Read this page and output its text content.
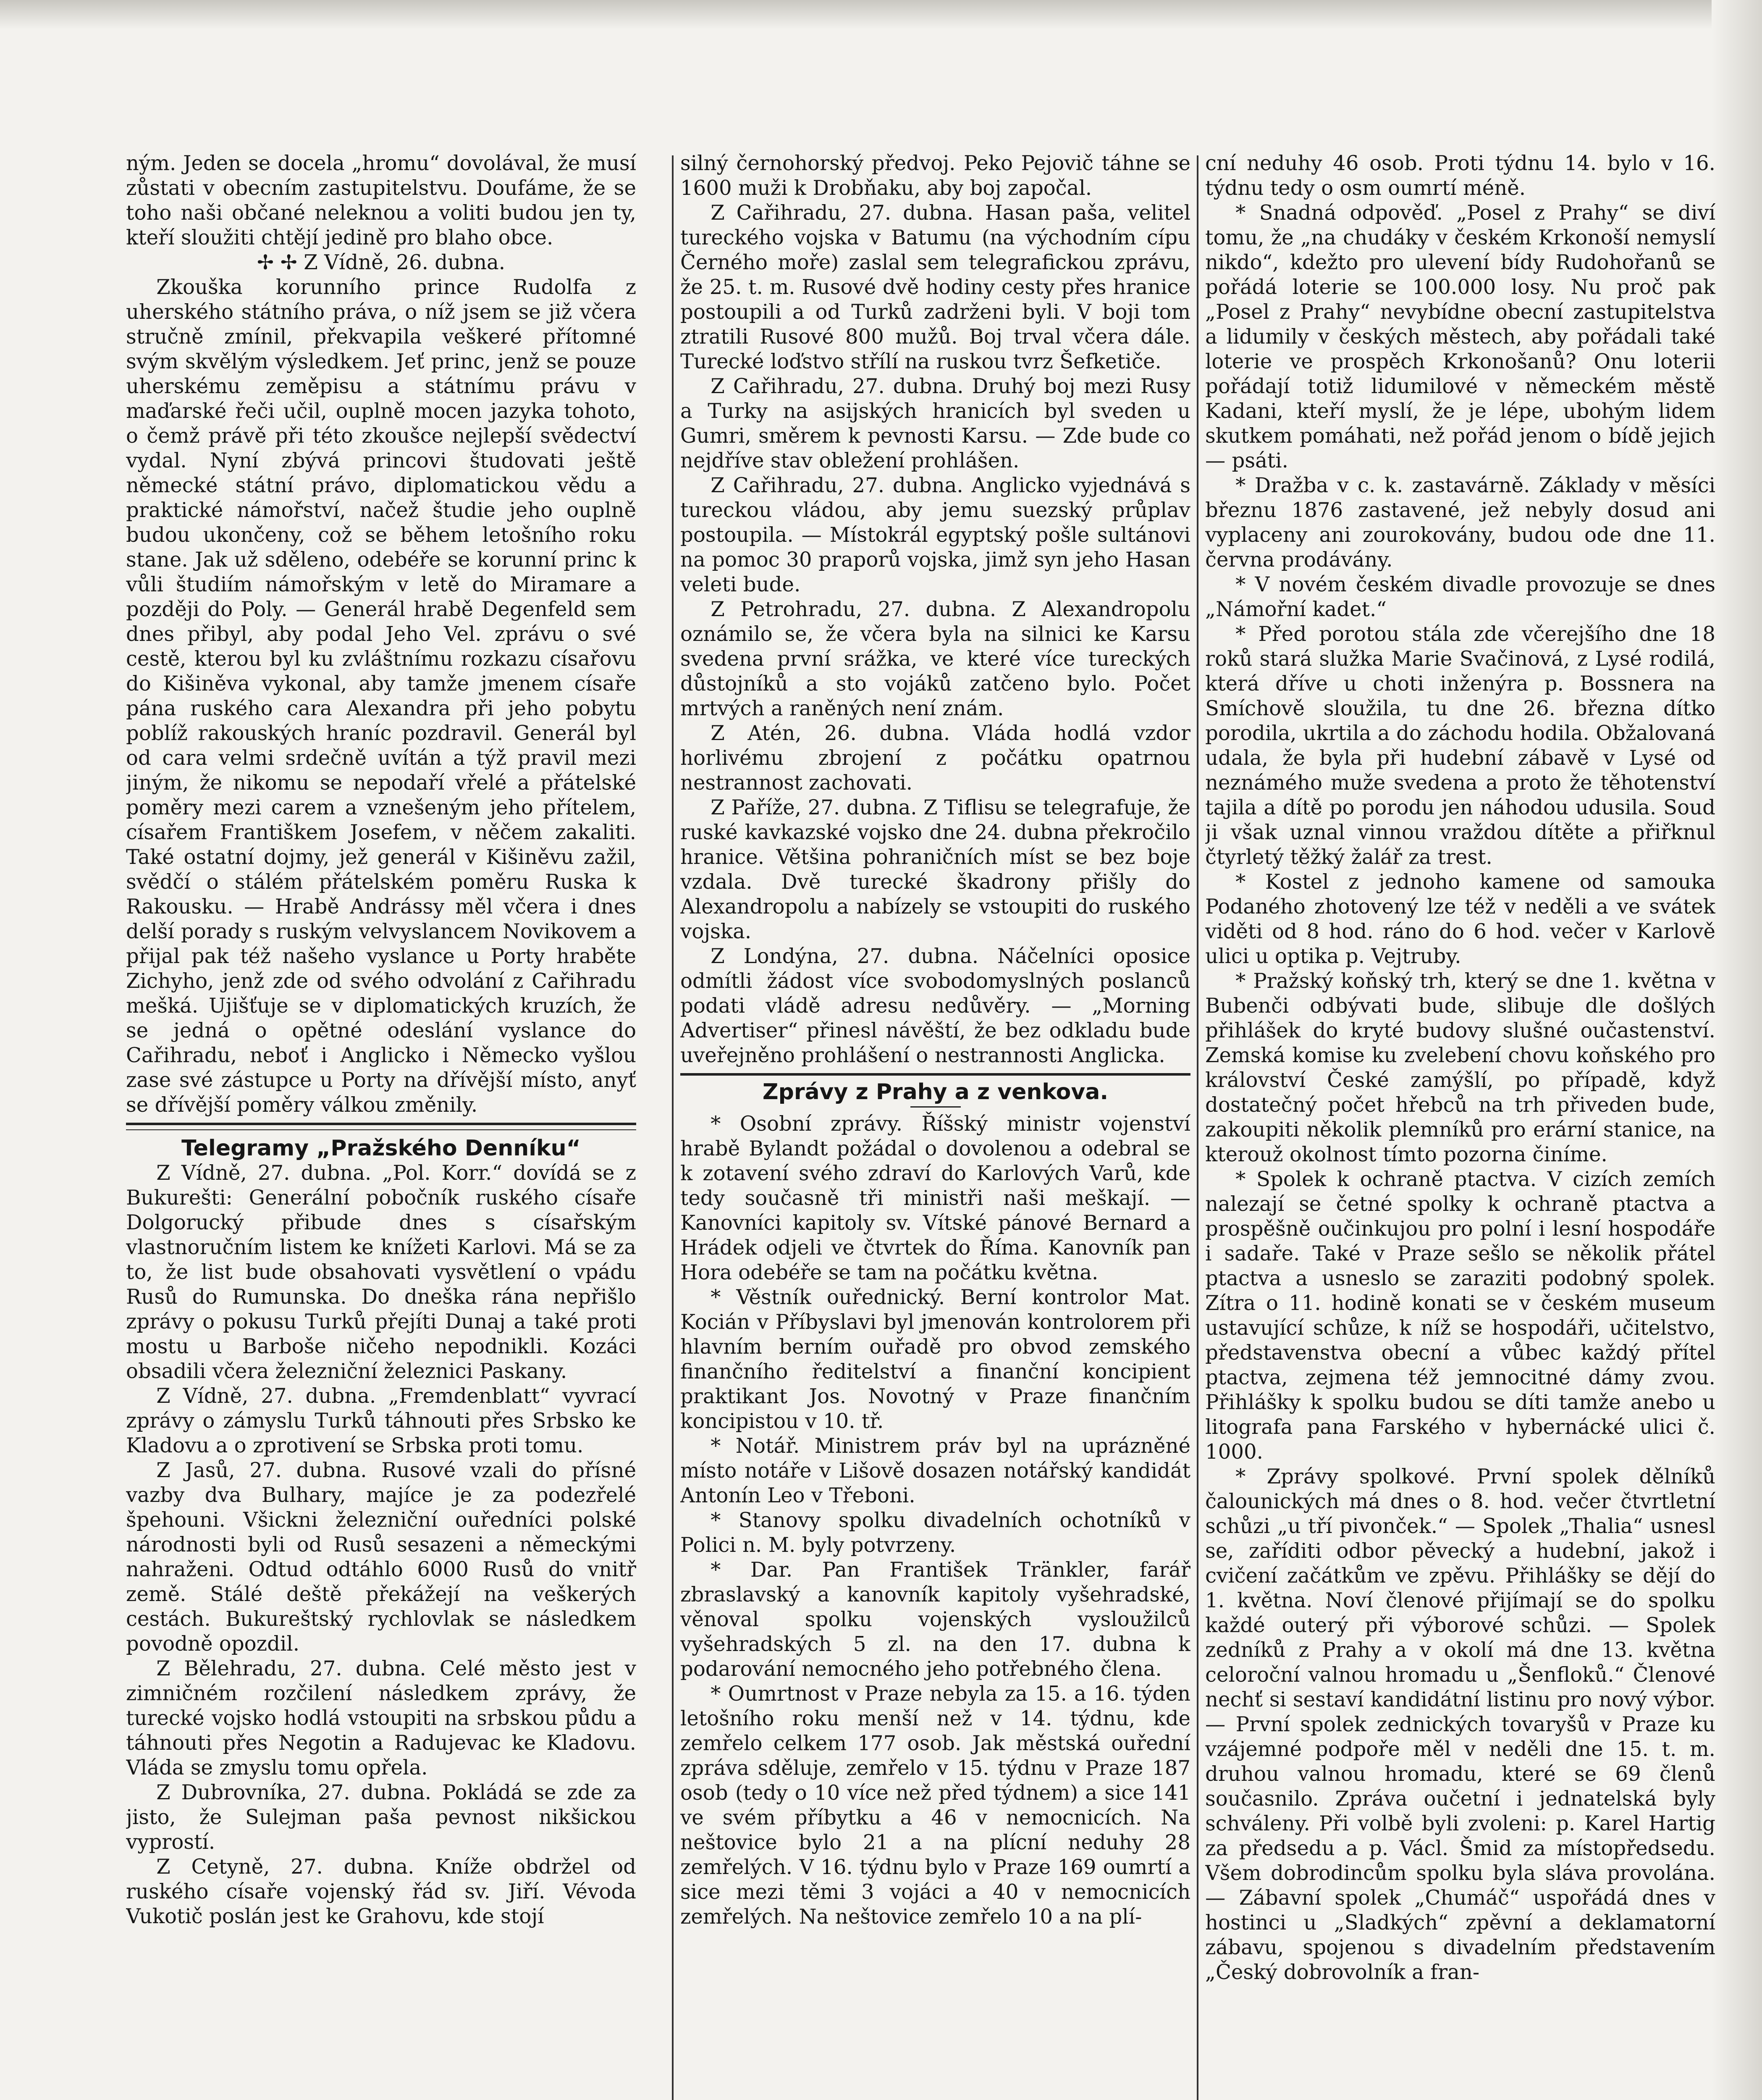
ným. Jeden se docela „hromu“ dovolával, že musí zůstati v obecním zastupitelstvu. Doufáme, že se toho naši občané neleknou a voliti budou jen ty, kteří sloužiti chtějí jedině pro blaho obce.

✢ ✢ Z Vídně, 26. dubna.

Zkouška korunního prince Rudolfa z uherského státního práva, o níž jsem se již včera stručně zmínil, překvapila veškeré přítomné svým skvělým výsledkem. Jeť princ, jenž se pouze uherskému zeměpisu a státnímu právu v maďarské řeči učil, ouplně mocen jazyka tohoto, o čemž právě při této zkoušce nejlepší svědectví vydal. Nyní zbývá princovi študovati ještě německé státní právo, diplomatickou vědu a praktické námořství, načež študie jeho ouplně budou ukončeny, což se během letošního roku stane. Jak už sděleno, odebéře se korunní princ k vůli študiím námořským v letě do Miramare a později do Poly. — Generál hrabě Degenfeld sem dnes přibyl, aby podal Jeho Vel. zprávu o své cestě, kterou byl ku zvláštnímu rozkazu císařovu do Kišiněva vykonal, aby tamže jmenem císaře pána ruského cara Alexandra při jeho pobytu poblíž rakouských hraníc pozdravil. Generál byl od cara velmi srdečně uvítán a týž pravil mezi jiným, že nikomu se nepodaří vřelé a přátelské poměry mezi carem a vznešeným jeho přítelem, císařem Františkem Josefem, v něčem zakaliti. Také ostatní dojmy, jež generál v Kišiněvu zažil, svědčí o stálém přátelském poměru Ruska k Rakousku. — Hrabě Andrássy měl včera i dnes delší porady s ruským velvyslancem Novikovem a přijal pak též našeho vyslance u Porty hraběte Zichyho, jenž zde od svého odvolání z Cařihradu mešká. Ujišťuje se v diplomatických kruzích, že se jedná o opětné odeslání vyslance do Cařihradu, neboť i Anglicko i Německo vyšlou zase své zástupce u Porty na dřívější místo, anyť se dřívější poměry válkou změnily.

Telegramy „Pražského Denníku“

Z Vídně, 27. dubna. „Pol. Korr.“ dovídá se z Bukurešti: Generální pobočník ruského císaře Dolgorucký přibude dnes s císařským vlastnoručním listem ke knížeti Karlovi. Má se za to, že list bude obsahovati vysvětlení o vpádu Rusů do Rumunska. Do dneška rána nepřišlo zprávy o pokusu Turků přejíti Dunaj a také proti mostu u Barboše ničeho nepodnikli. Kozáci obsadili včera železniční železnici Paskany.

Z Vídně, 27. dubna. „Fremdenblatt“ vyvrací zprávy o zámyslu Turků táhnouti přes Srbsko ke Kladovu a o zprotivení se Srbska proti tomu.

Z Jasů, 27. dubna. Rusové vzali do přísné vazby dva Bulhary, majíce je za podezřelé špehouni. Všickni železniční ouředníci polské národnosti byli od Rusů sesazeni a německými nahraženi. Odtud odtáhlo 6000 Rusů do vnitř země. Stálé deště překážejí na veškerých cestách. Bukureštský rychlovlak se následkem povodně opozdil.

Z Bělehradu, 27. dubna. Celé město jest v zimničném rozčilení následkem zprávy, že turecké vojsko hodlá vstoupiti na srbskou půdu a táhnouti přes Negotin a Radujevac ke Kladovu. Vláda se zmyslu tomu opřela.

Z Dubrovníka, 27. dubna. Pokládá se zde za jisto, že Sulejman paša pevnost nikšickou vyprostí.

Z Cetyně, 27. dubna. Kníže obdržel od ruského císaře vojenský řád sv. Jiří. Vévoda Vukotič poslán jest ke Grahovu, kde stojí

silný černohorský předvoj. Peko Pejovič táhne se 1600 muži k Drobňaku, aby boj započal.

Z Cařihradu, 27. dubna. Hasan paša, velitel tureckého vojska v Batumu (na východním cípu Černého moře) zaslal sem telegrafickou zprávu, že 25. t. m. Rusové dvě hodiny cesty přes hranice postoupili a od Turků zadrženi byli. V boji tom ztratili Rusové 800 mužů. Boj trval včera dále. Turecké loďstvo střílí na ruskou tvrz Šefketiče.

Z Cařihradu, 27. dubna. Druhý boj mezi Rusy a Turky na asijských hranicích byl sveden u Gumri, směrem k pevnosti Karsu. — Zde bude co nejdříve stav obležení prohlášen.

Z Cařihradu, 27. dubna. Anglicko vyjednává s tureckou vládou, aby jemu suezský průplav postoupila. — Místokrál egyptský pošle sultánovi na pomoc 30 praporů vojska, jimž syn jeho Hasan veleti bude.

Z Petrohradu, 27. dubna. Z Alexandropolu oznámilo se, že včera byla na silnici ke Karsu svedena první srážka, ve které více tureckých důstojníků a sto vojáků zatčeno bylo. Počet mrtvých a raněných není znám.

Z Atén, 26. dubna. Vláda hodlá vzdor horlivému zbrojení z počátku opatrnou nestrannost zachovati.

Z Paříže, 27. dubna. Z Tiflisu se telegrafuje, že ruské kavkazské vojsko dne 24. dubna překročilo hranice. Většina pohraničních míst se bez boje vzdala. Dvě turecké škadrony přišly do Alexandropolu a nabízely se vstoupiti do ruského vojska.

Z Londýna, 27. dubna. Náčelníci oposice odmítli žádost více svobodomyslných poslanců podati vládě adresu nedůvěry. — „Morning Advertiser“ přinesl návěští, že bez odkladu bude uveřejněno prohlášení o nestrannosti Anglicka.

Zprávy z Prahy a z venkova.

* Osobní zprávy. Říšský ministr vojenství hrabě Bylandt požádal o dovolenou a odebral se k zotavení svého zdraví do Karlových Varů, kde tedy současně tři ministři naši meškají. — Kanovníci kapitoly sv. Vítské pánové Bernard a Hrádek odjeli ve čtvrtek do Říma. Kanovník pan Hora odebéře se tam na počátku května.

* Věstník ouřednický. Berní kontrolor Mat. Kocián v Příbyslavi byl jmenován kontrolorem při hlavním berním ouřadě pro obvod zemského finančního ředitelství a finanční koncipient praktikant Jos. Novotný v Praze finančním koncipistou v 10. tř.

* Notář. Ministrem práv byl na uprázněné místo notáře v Lišově dosazen notářský kandidát Antonín Leo v Třeboni.

* Stanovy spolku divadelních ochotníků v Polici n. M. byly potvrzeny.

* Dar. Pan František Tränkler, farář zbraslavský a kanovník kapitoly vyšehradské, věnoval spolku vojenských vysloužilců vyšehradských 5 zl. na den 17. dubna k podarování nemocného jeho potřebného člena.

* Oumrtnost v Praze nebyla za 15. a 16. týden letošního roku menší než v 14. týdnu, kde zemřelo celkem 177 osob. Jak městská ouřední zpráva sděluje, zemřelo v 15. týdnu v Praze 187 osob (tedy o 10 více než před týdnem) a sice 141 ve svém příbytku a 46 v nemocnicích. Na neštovice bylo 21 a na plícní neduhy 28 zemřelých. V 16. týdnu bylo v Praze 169 oumrtí a sice mezi těmi 3 vojáci a 40 v nemocnicích zemřelých. Na neštovice zemřelo 10 a na plí-

cní neduhy 46 osob. Proti týdnu 14. bylo v 16. týdnu tedy o osm oumrtí méně.

* Snadná odpověď. „Posel z Prahy“ se diví tomu, že „na chudáky v českém Krkonoší nemyslí nikdo“, kdežto pro ulevení bídy Rudohořanů se pořádá loterie se 100.000 losy. Nu proč pak „Posel z Prahy“ nevybídne obecní zastupitelstva a lidumily v českých městech, aby pořádali také loterie ve prospěch Krkonošanů? Onu loterii pořádají totiž lidumilové v německém městě Kadani, kteří myslí, že je lépe, ubohým lidem skutkem pomáhati, než pořád jenom o bídě jejich — psáti.

* Dražba v c. k. zastavárně. Základy v měsíci březnu 1876 zastavené, jež nebyly dosud ani vyplaceny ani zourokovány, budou ode dne 11. června prodávány.

* V novém českém divadle provozuje se dnes „Námořní kadet.“

* Před porotou stála zde včerejšího dne 18 roků stará služka Marie Svačinová, z Lysé rodilá, která dříve u choti inženýra p. Bossnera na Smíchově sloužila, tu dne 26. března dítko porodila, ukrtila a do záchodu hodila. Obžalovaná udala, že byla při hudební zábavě v Lysé od neznámého muže svedena a proto že těhotenství tajila a dítě po porodu jen náhodou udusila. Soud ji však uznal vinnou vraždou dítěte a přiřknul čtyrletý těžký žalář za trest.

* Kostel z jednoho kamene od samouka Podaného zhotovený lze též v neděli a ve svátek viděti od 8 hod. ráno do 6 hod. večer v Karlově ulici u optika p. Vejtruby.

* Pražský koňský trh, který se dne 1. května v Bubenči odbývati bude, slibuje dle došlých přihlášek do kryté budovy slušné oučastenství. Zemská komise ku zvelebení chovu koňského pro království České zamýšlí, po případě, když dostatečný počet hřebců na trh přiveden bude, zakoupiti několik plemníků pro erární stanice, na kterouž okolnost tímto pozorna činíme.

* Spolek k ochraně ptactva. V cizích zemích nalezají se četné spolky k ochraně ptactva a prospěšně oučinkujou pro polní i lesní hospodáře i sadaře. Také v Praze sešlo se několik přátel ptactva a usneslo se zaraziti podobný spolek. Zítra o 11. hodině konati se v českém museum ustavující schůze, k níž se hospodáři, učitelstvo, představenstva obecní a vůbec každý přítel ptactva, zejmena též jemnocitné dámy zvou. Přihlášky k spolku budou se díti tamže anebo u litografa pana Farského v hybernácké ulici č. 1000.

* Zprávy spolkové. První spolek dělníků čalounických má dnes o 8. hod. večer čtvrtletní schůzi „u tří pivonček.“ — Spolek „Thalia“ usnesl se, zaříditi odbor pěvecký a hudební, jakož i cvičení začátkům ve zpěvu. Přihlášky se dějí do 1. května. Noví členové přijímají se do spolku každé outerý při výborové schůzi. — Spolek zedníků z Prahy a v okolí má dne 13. května celoroční valnou hromadu u „Šenfloků.“ Členové nechť si sestaví kandidátní listinu pro nový výbor. — První spolek zednických tovaryšů v Praze ku vzájemné podpoře měl v neděli dne 15. t. m. druhou valnou hromadu, které se 69 členů současnilo. Zpráva oučetní i jednatelská byly schváleny. Při volbě byli zvoleni: p. Karel Hartig za předsedu a p. Václ. Šmid za místopředsedu. Všem dobrodincům spolku byla sláva provolána. — Zábavní spolek „Chumáč“ uspořádá dnes v hostinci u „Sladkých“ zpěvní a deklamatorní zábavu, spojenou s divadelním představením „Český dobrovolník a fran-
